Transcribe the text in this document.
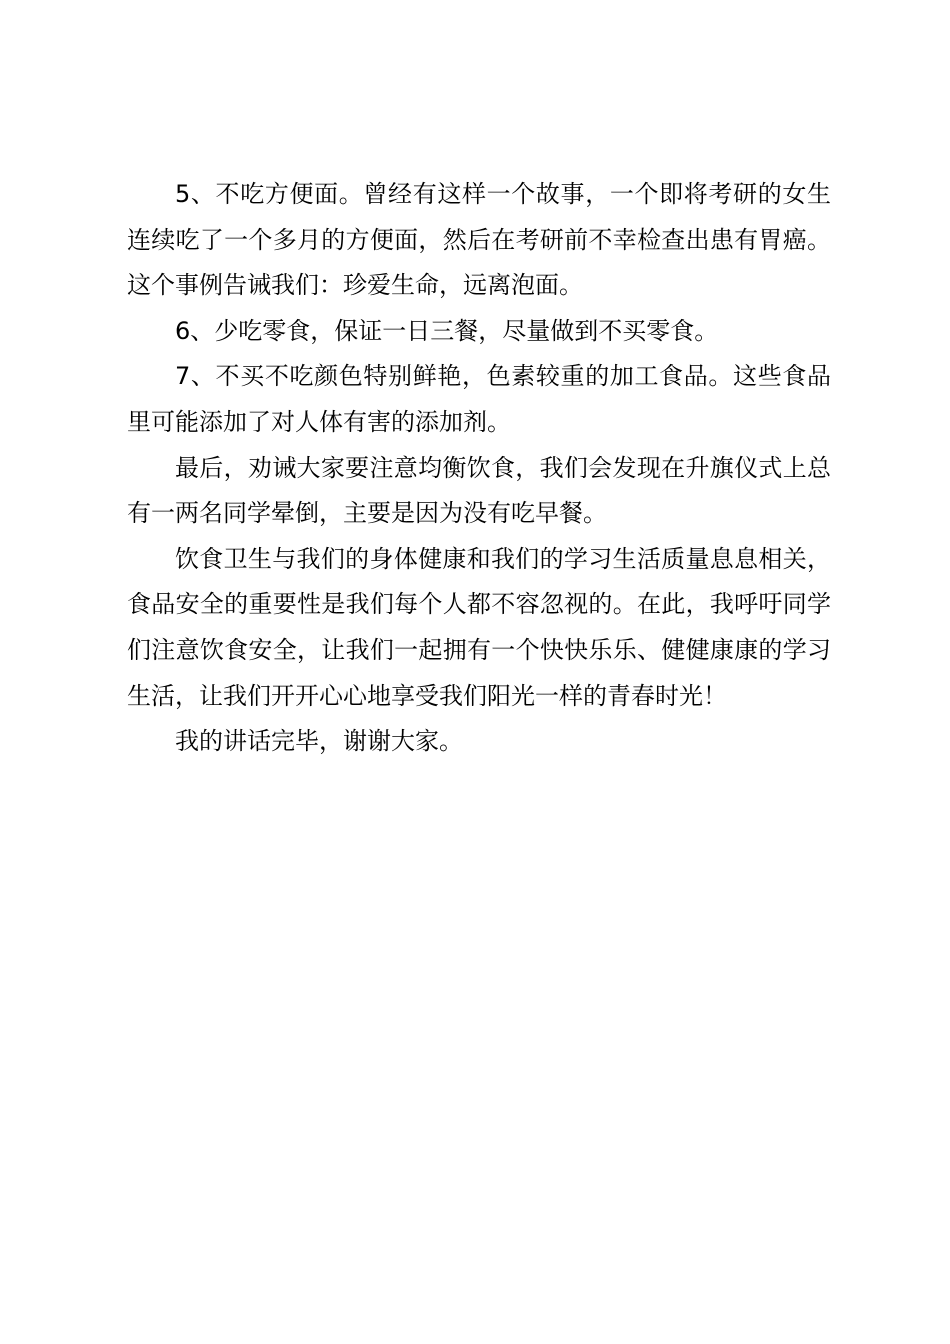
5、不吃方便面。曾经有这样一个故事，一个即将考研的女生连续吃了一个多月的方便面，然后在考研前不幸检查出患有胃癌。这个事例告诫我们：珍爱生命，远离泡面。

6、少吃零食，保证一日三餐，尽量做到不买零食。

7、不买不吃颜色特别鲜艳，色素较重的加工食品。这些食品里可能添加了对人体有害的添加剂。

最后，劝诫大家要注意均衡饮食，我们会发现在升旗仪式上总有一两名同学晕倒，主要是因为没有吃早餐。

饮食卫生与我们的身体健康和我们的学习生活质量息息相关，食品安全的重要性是我们每个人都不容忽视的。在此，我呼吁同学们注意饮食安全，让我们一起拥有一个快快乐乐、健健康康的学习生活，让我们开开心心地享受我们阳光一样的青春时光！

我的讲话完毕，谢谢大家。
